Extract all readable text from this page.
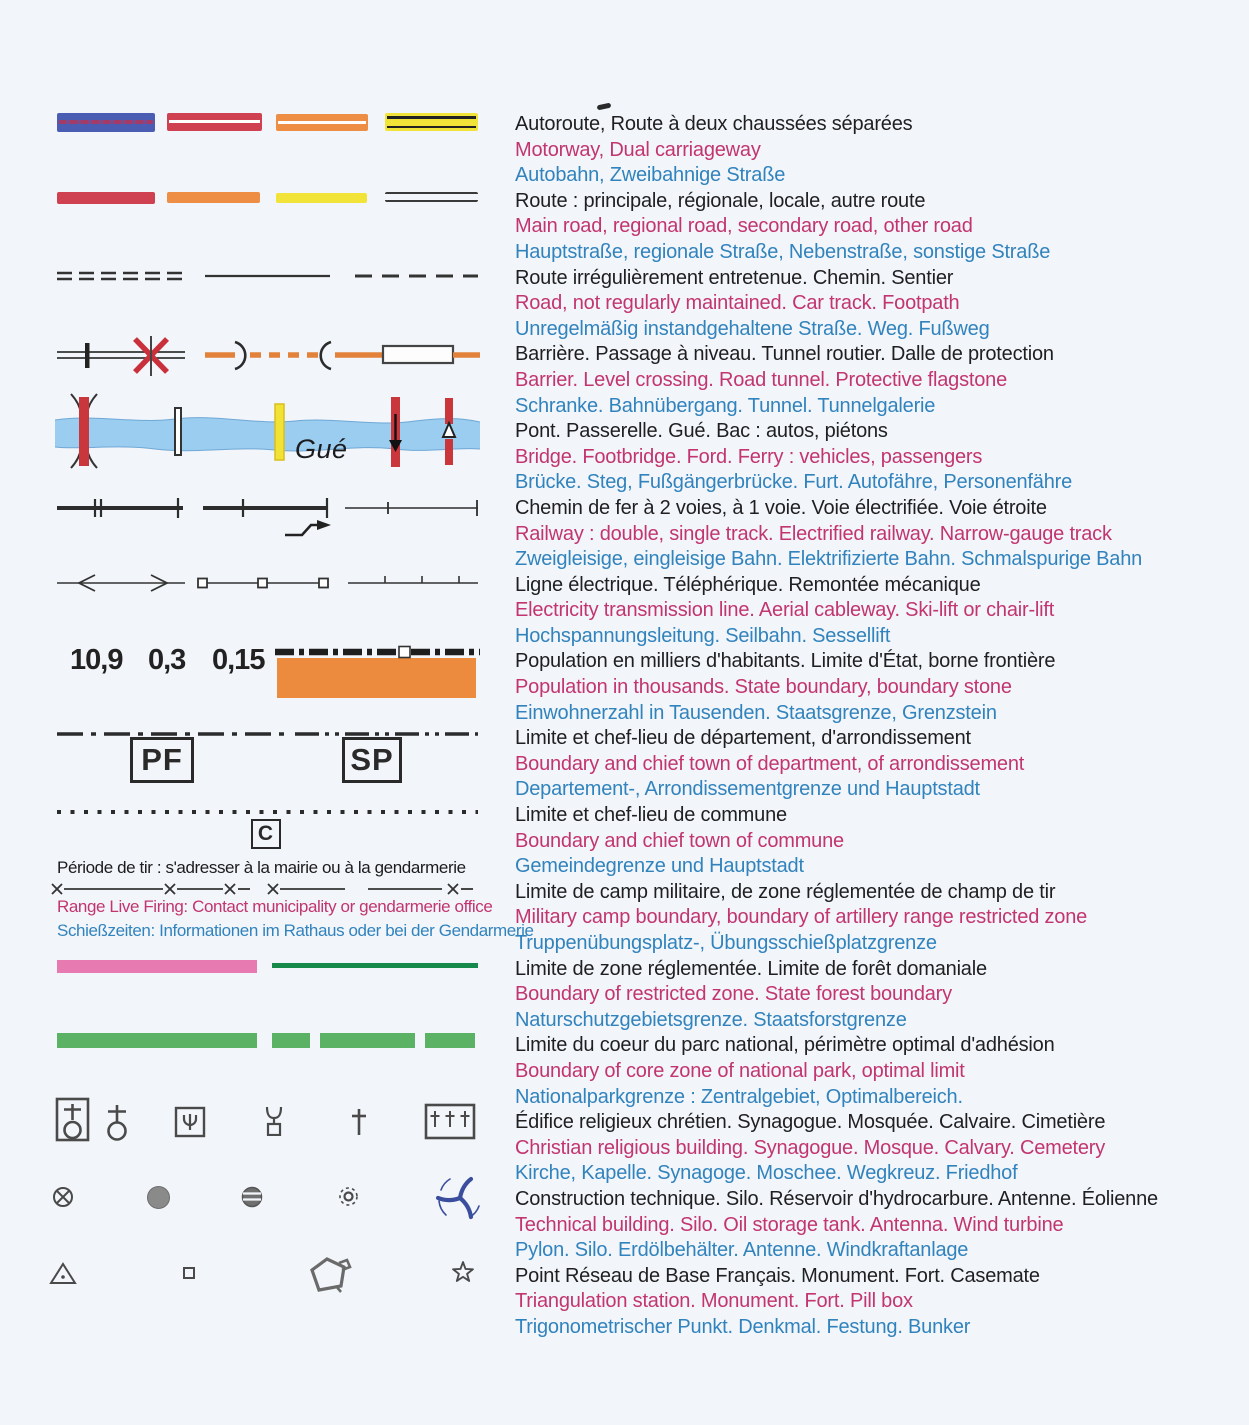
Gué
10,9 0,3 0,15
PF	SP
C
Période de tir : s'adresser à la mairie ou à la gendarmerie
Range Live Firing: Contact municipality or gendarmerie office
Schießzeiten: Informationen im Rathaus oder bei der Gendarmerie
Autoroute, Route à deux chaussées séparées
Motorway, Dual carriageway
Autobahn, Zweibahnige Straße
Route : principale, régionale, locale, autre route
Main road, regional road, secondary road, other road
Hauptstraße, regionale Straße, Nebenstraße, sonstige Straße
Route irrégulièrement entretenue. Chemin. Sentier
Road, not regularly maintained. Car track. Footpath
Unregelmäßig instandgehaltene Straße. Weg. Fußweg
Barrière. Passage à niveau. Tunnel routier. Dalle de protection
Barrier. Level crossing. Road tunnel. Protective flagstone
Schranke. Bahnübergang. Tunnel. Tunnelgalerie
Pont. Passerelle. Gué. Bac : autos, piétons
Bridge. Footbridge. Ford. Ferry : vehicles, passengers
Brücke. Steg, Fußgängerbrücke. Furt. Autofähre, Personenfähre
Chemin de fer à 2 voies, à 1 voie. Voie électrifiée. Voie étroite
Railway : double, single track. Electrified railway. Narrow-gauge track
Zweigleisige, eingleisige Bahn. Elektrifizierte Bahn. Schmalspurige Bahn
Ligne électrique. Téléphérique. Remontée mécanique
Electricity transmission line. Aerial cableway. Ski-lift or chair-lift
Hochspannungsleitung. Seilbahn. Sessellift
Population en milliers d'habitants. Limite d'État, borne frontière
Population in thousands. State boundary, boundary stone
Einwohnerzahl in Tausenden. Staatsgrenze, Grenzstein
Limite et chef-lieu de département, d'arrondissement
Boundary and chief town of department, of arrondissement
Departement-, Arrondissementgrenze und Hauptstadt
Limite et chef-lieu de commune
Boundary and chief town of commune
Gemeindegrenze und Hauptstadt
Limite de camp militaire, de zone réglementée de champ de tir
Military camp boundary, boundary of artillery range restricted zone
Truppenübungsplatz-, Übungsschießplatzgrenze
Limite de zone réglementée. Limite de forêt domaniale
Boundary of restricted zone. State forest boundary
Naturschutzgebietsgrenze. Staatsforstgrenze
Limite du coeur du parc national, périmètre optimal d'adhésion
Boundary of core zone of national park, optimal limit
Nationalparkgrenze : Zentralgebiet, Optimalbereich.
Édifice religieux chrétien. Synagogue. Mosquée. Calvaire. Cimetière
Christian religious building. Synagogue. Mosque. Calvary. Cemetery
Kirche, Kapelle. Synagoge. Moschee. Wegkreuz. Friedhof
Construction technique. Silo. Réservoir d'hydrocarbure. Antenne. Éolienne
Technical building. Silo. Oil storage tank. Antenna. Wind turbine
Pylon. Silo. Erdölbehälter. Antenne. Windkraftanlage
Point Réseau de Base Français. Monument. Fort. Casemate
Triangulation station. Monument. Fort. Pill box
Trigonometrischer Punkt. Denkmal. Festung. Bunker
